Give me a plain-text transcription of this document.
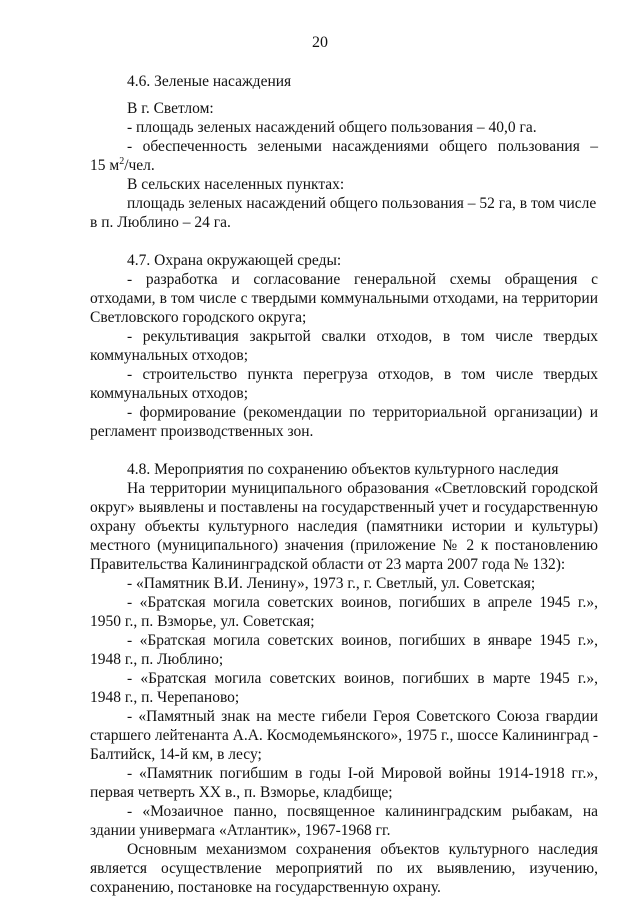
20
4.6. Зеленые насаждения
В г. Светлом:
- площадь зеленых насаждений общего пользования – 40,0 га.
- обеспеченность зелеными насаждениями общего пользования –
15 $м^2$/чел.
В сельских населенных пунктах:
площадь зеленых насаждений общего пользования – 52 га, в том числе
в п. Люблино – 24 га.
4.7. Охрана окружающей среды:
- разработка и согласование генеральной схемы обращения с
отходами, в том числе с твердыми коммунальными отходами, на территории
Светловского городского округа;
- рекультивация закрытой свалки отходов, в том числе твердых
коммунальных отходов;
- строительство пункта перегруза отходов, в том числе твердых
коммунальных отходов;
- формирование (рекомендации по территориальной организации) и
регламент производственных зон.
4.8. Мероприятия по сохранению объектов культурного наследия
На территории муниципального образования «Светловский городской
округ» выявлены и поставлены на государственный учет и государственную
охрану объекты культурного наследия (памятники истории и культуры)
местного (муниципального) значения (приложение № 2 к постановлению
Правительства Калининградской области от 23 марта 2007 года № 132):
- «Памятник В.И. Ленину», 1973 г., г. Светлый, ул. Советская;
- «Братская могила советских воинов, погибших в апреле 1945 г.»,
1950 г., п. Взморье, ул. Советская;
- «Братская могила советских воинов, погибших в январе 1945 г.»,
1948 г., п. Люблино;
- «Братская могила советских воинов, погибших в марте 1945 г.»,
1948 г., п. Черепаново;
- «Памятный знак на месте гибели Героя Советского Союза гвардии
старшего лейтенанта А.А. Космодемьянского», 1975 г., шоссе Калининград -
Балтийск, 14-й км, в лесу;
- «Памятник погибшим в годы I-ой Мировой войны 1914-1918 гг.»,
первая четверть XX в., п. Взморье, кладбище;
- «Мозаичное панно, посвященное калининградским рыбакам, на
здании универмага «Атлантик», 1967-1968 гг.
Основным механизмом сохранения объектов культурного наследия
является осуществление мероприятий по их выявлению, изучению,
сохранению, постановке на государственную охрану.
